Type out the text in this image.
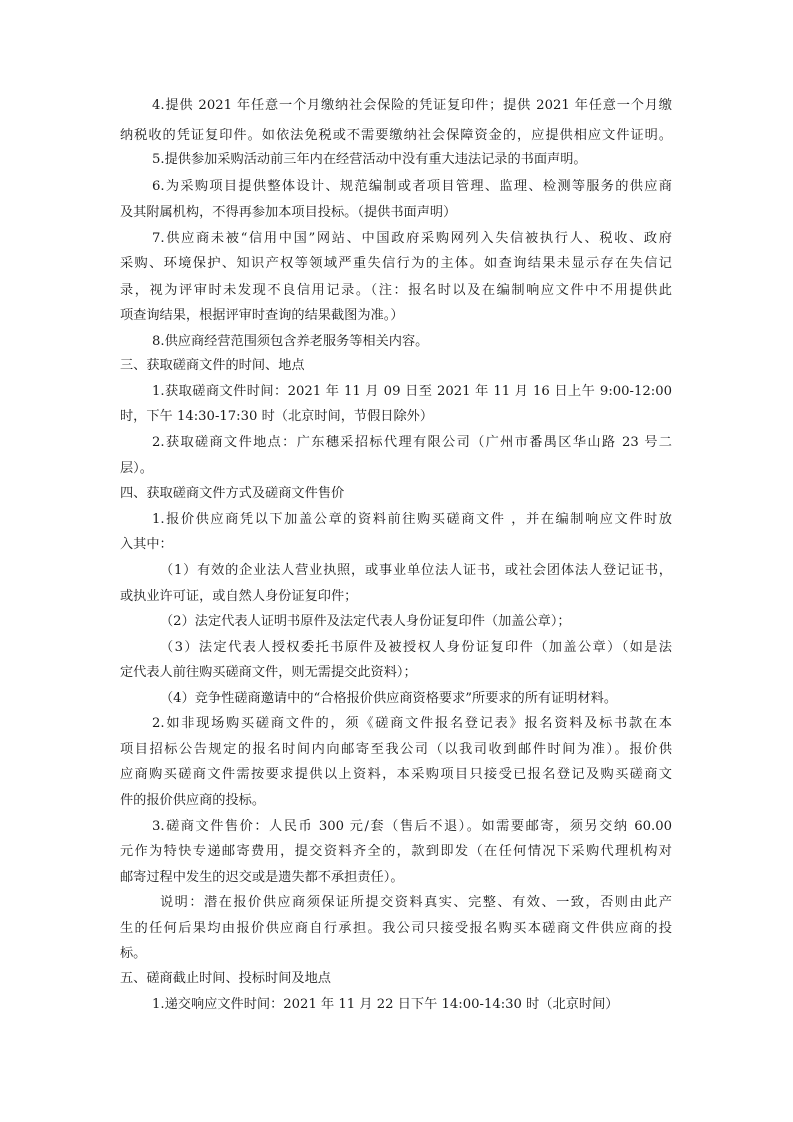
4.提供 2021 年任意一个月缴纳社会保险的凭证复印件；提供 2021 年任意一个月缴
纳税收的凭证复印件。如依法免税或不需要缴纳社会保障资金的，应提供相应文件证明。
5.提供参加采购活动前三年内在经营活动中没有重大违法记录的书面声明。
6.为采购项目提供整体设计、规范编制或者项目管理、监理、检测等服务的供应商
及其附属机构，不得再参加本项目投标。（提供书面声明）
7.供应商未被“信用中国”网站、中国政府采购网列入失信被执行人、税收、政府
采购、环境保护、知识产权等领域严重失信行为的主体。如查询结果未显示存在失信记
录，视为评审时未发现不良信用记录。（注：报名时以及在编制响应文件中不用提供此
项查询结果，根据评审时查询的结果截图为准。）
8.供应商经营范围须包含养老服务等相关内容。
三、获取磋商文件的时间、地点
1.获取磋商文件时间：2021 年 11 月 09 日至 2021 年 11 月 16 日上午 9:00-12:00
时，下午 14:30-17:30 时（北京时间，节假日除外）
2.获取磋商文件地点：广东穗采招标代理有限公司（广州市番禺区华山路 23 号二
层）。
四、获取磋商文件方式及磋商文件售价
1.报价供应商凭以下加盖公章的资料前往购买磋商文件 ，并在编制响应文件时放
入其中：
（1）有效的企业法人营业执照，或事业单位法人证书，或社会团体法人登记证书，
或执业许可证，或自然人身份证复印件；
（2）法定代表人证明书原件及法定代表人身份证复印件（加盖公章）；
（3）法定代表人授权委托书原件及被授权人身份证复印件（加盖公章）（如是法
定代表人前往购买磋商文件，则无需提交此资料）；
（4）竞争性磋商邀请中的“合格报价供应商资格要求”所要求的所有证明材料。
2.如非现场购买磋商文件的，须《磋商文件报名登记表》报名资料及标书款在本
项目招标公告规定的报名时间内向邮寄至我公司（以我司收到邮件时间为准）。报价供
应商购买磋商文件需按要求提供以上资料，本采购项目只接受已报名登记及购买磋商文
件的报价供应商的投标。
3.磋商文件售价：人民币 300 元/套（售后不退）。如需要邮寄，须另交纳 60.00
元作为特快专递邮寄费用，提交资料齐全的，款到即发（在任何情况下采购代理机构对
邮寄过程中发生的迟交或是遗失都不承担责任）。
说明：潜在报价供应商须保证所提交资料真实、完整、有效、一致，否则由此产
生的任何后果均由报价供应商自行承担。我公司只接受报名购买本磋商文件供应商的投
标。
五、磋商截止时间、投标时间及地点
1.递交响应文件时间：2021 年 11 月 22 日下午 14:00-14:30 时（北京时间）
